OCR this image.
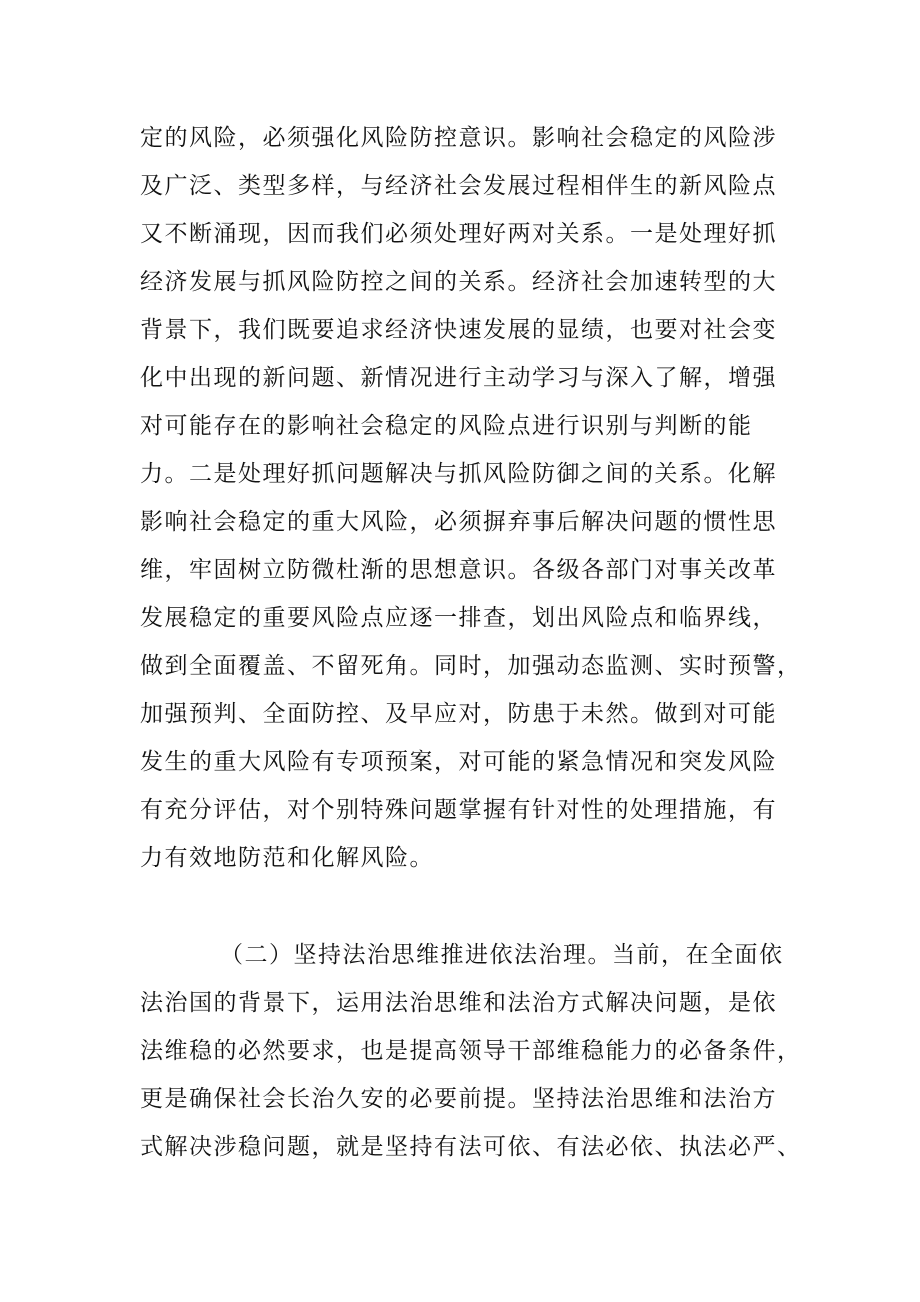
定的风险，必须强化风险防控意识。影响社会稳定的风险涉
及广泛、类型多样，与经济社会发展过程相伴生的新风险点
又不断涌现，因而我们必须处理好两对关系。一是处理好抓
经济发展与抓风险防控之间的关系。经济社会加速转型的大
背景下，我们既要追求经济快速发展的显绩，也要对社会变
化中出现的新问题、新情况进行主动学习与深入了解，增强
对可能存在的影响社会稳定的风险点进行识别与判断的能
力。二是处理好抓问题解决与抓风险防御之间的关系。化解
影响社会稳定的重大风险，必须摒弃事后解决问题的惯性思
维，牢固树立防微杜渐的思想意识。各级各部门对事关改革
发展稳定的重要风险点应逐一排查，划出风险点和临界线，
做到全面覆盖、不留死角。同时，加强动态监测、实时预警，
加强预判、全面防控、及早应对，防患于未然。做到对可能
发生的重大风险有专项预案，对可能的紧急情况和突发风险
有充分评估，对个别特殊问题掌握有针对性的处理措施，有
力有效地防范和化解风险。
（二）坚持法治思维推进依法治理。当前，在全面依
法治国的背景下，运用法治思维和法治方式解决问题，是依
法维稳的必然要求，也是提高领导干部维稳能力的必备条件，
更是确保社会长治久安的必要前提。坚持法治思维和法治方
式解决涉稳问题，就是坚持有法可依、有法必依、执法必严、
